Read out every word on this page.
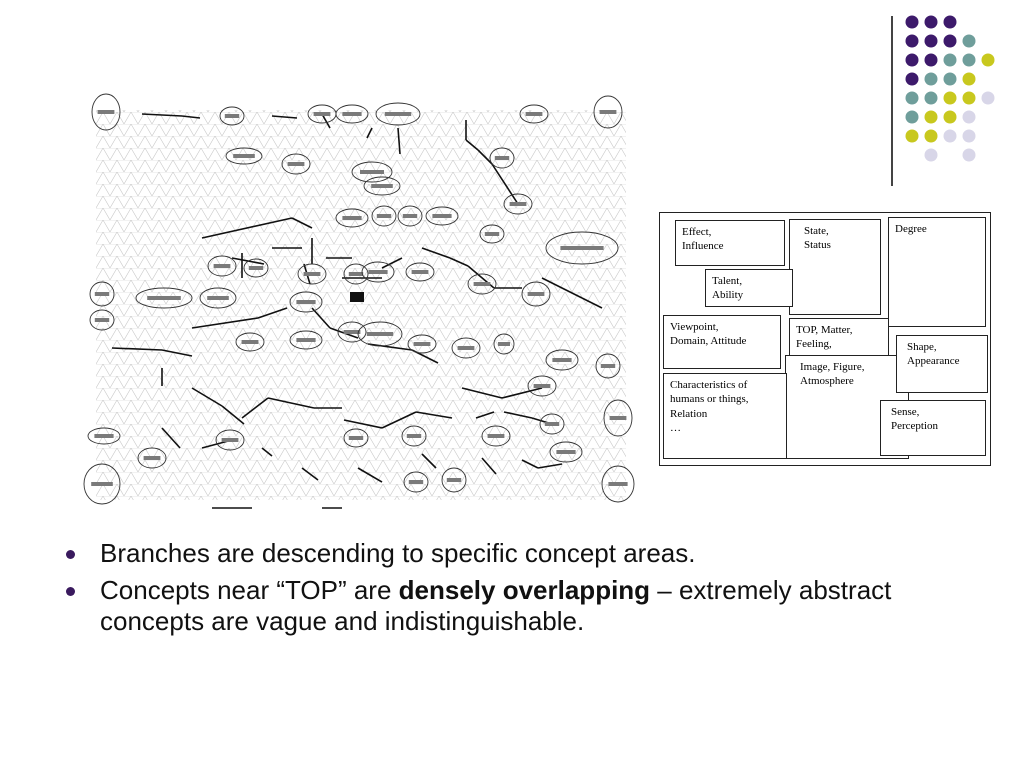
Degree
State,
Status
Effect,
Influence
Talent,
Ability
TOP, Matter,
Feeling,
Image, Figure,
Atmosphere
Viewpoint,
Domain, Attitude	Shape,
Appearance
Characteristics of
humans or things,
Relation
…
Sense,
Perception
Branches are descending to specific concept areas.
Concepts near “TOP” are densely overlapping – extremely abstract concepts are vague and indistinguishable.
